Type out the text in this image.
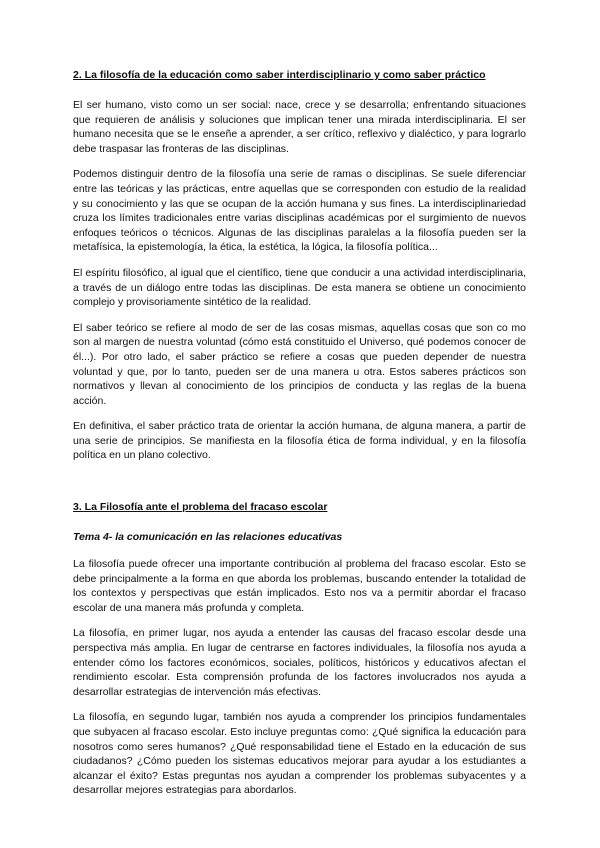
2. La filosofía de la educación como saber interdisciplinario y como saber práctico

El ser humano, visto como un ser social: nace, crece y se desarrolla; enfrentando situaciones que requieren de análisis y soluciones que implican tener una mirada interdisciplinaria. El ser humano necesita que se le enseñe a aprender, a ser crítico, reflexivo y dialéctico, y para lograrlo debe traspasar las fronteras de las disciplinas.

Podemos distinguir dentro de la filosofía una serie de ramas o disciplinas. Se suele diferenciar entre las teóricas y las prácticas, entre aquellas que se corresponden con estudio de la realidad y su conocimiento y las que se ocupan de la acción humana y sus fines. La interdisciplinariedad cruza los límites tradicionales entre varias disciplinas académicas por el surgimiento de nuevos enfoques teóricos o técnicos. Algunas de las disciplinas paralelas a la filosofía pueden ser la metafísica, la epistemología, la ética, la estética, la lógica, la filosofía política...

El espíritu filosófico, al igual que el científico, tiene que conducir a una actividad interdisciplinaria, a través de un diálogo entre todas las disciplinas. De esta manera se obtiene un conocimiento complejo y provisoriamente sintético de la realidad.

El saber teórico se refiere al modo de ser de las cosas mismas, aquellas cosas que son co mo son al margen de nuestra voluntad (cómo está constituido el Universo, qué podemos conocer de él...). Por otro lado, el saber práctico se refiere a cosas que pueden depender de nuestra voluntad y que, por lo tanto, pueden ser de una manera u otra. Estos saberes prácticos son normativos y llevan al conocimiento de los principios de conducta y las reglas de la buena acción.

En definitiva, el saber práctico trata de orientar la acción humana, de alguna manera, a partir de una serie de principios. Se manifiesta en la filosofía ética de forma individual, y en la filosofía política en un plano colectivo.

3. La Filosofía ante el problema del fracaso escolar
Tema 4- la comunicación en las relaciones educativas

La filosofía puede ofrecer una importante contribución al problema del fracaso escolar. Esto se debe principalmente a la forma en que aborda los problemas, buscando entender la totalidad de los contextos y perspectivas que están implicados. Esto nos va a permitir abordar el fracaso escolar de una manera más profunda y completa.

La filosofía, en primer lugar, nos ayuda a entender las causas del fracaso escolar desde una perspectiva más amplia. En lugar de centrarse en factores individuales, la filosofía nos ayuda a entender cómo los factores económicos, sociales, políticos, históricos y educativos afectan el rendimiento escolar. Esta comprensión profunda de los factores involucrados nos ayuda a desarrollar estrategias de intervención más efectivas.

La filosofía, en segundo lugar, también nos ayuda a comprender los principios fundamentales que subyacen al fracaso escolar. Esto incluye preguntas como: ¿Qué significa la educación para nosotros como seres humanos? ¿Qué responsabilidad tiene el Estado en la educación de sus ciudadanos? ¿Cómo pueden los sistemas educativos mejorar para ayudar a los estudiantes a alcanzar el éxito? Estas preguntas nos ayudan a comprender los problemas subyacentes y a desarrollar mejores estrategias para abordarlos.
